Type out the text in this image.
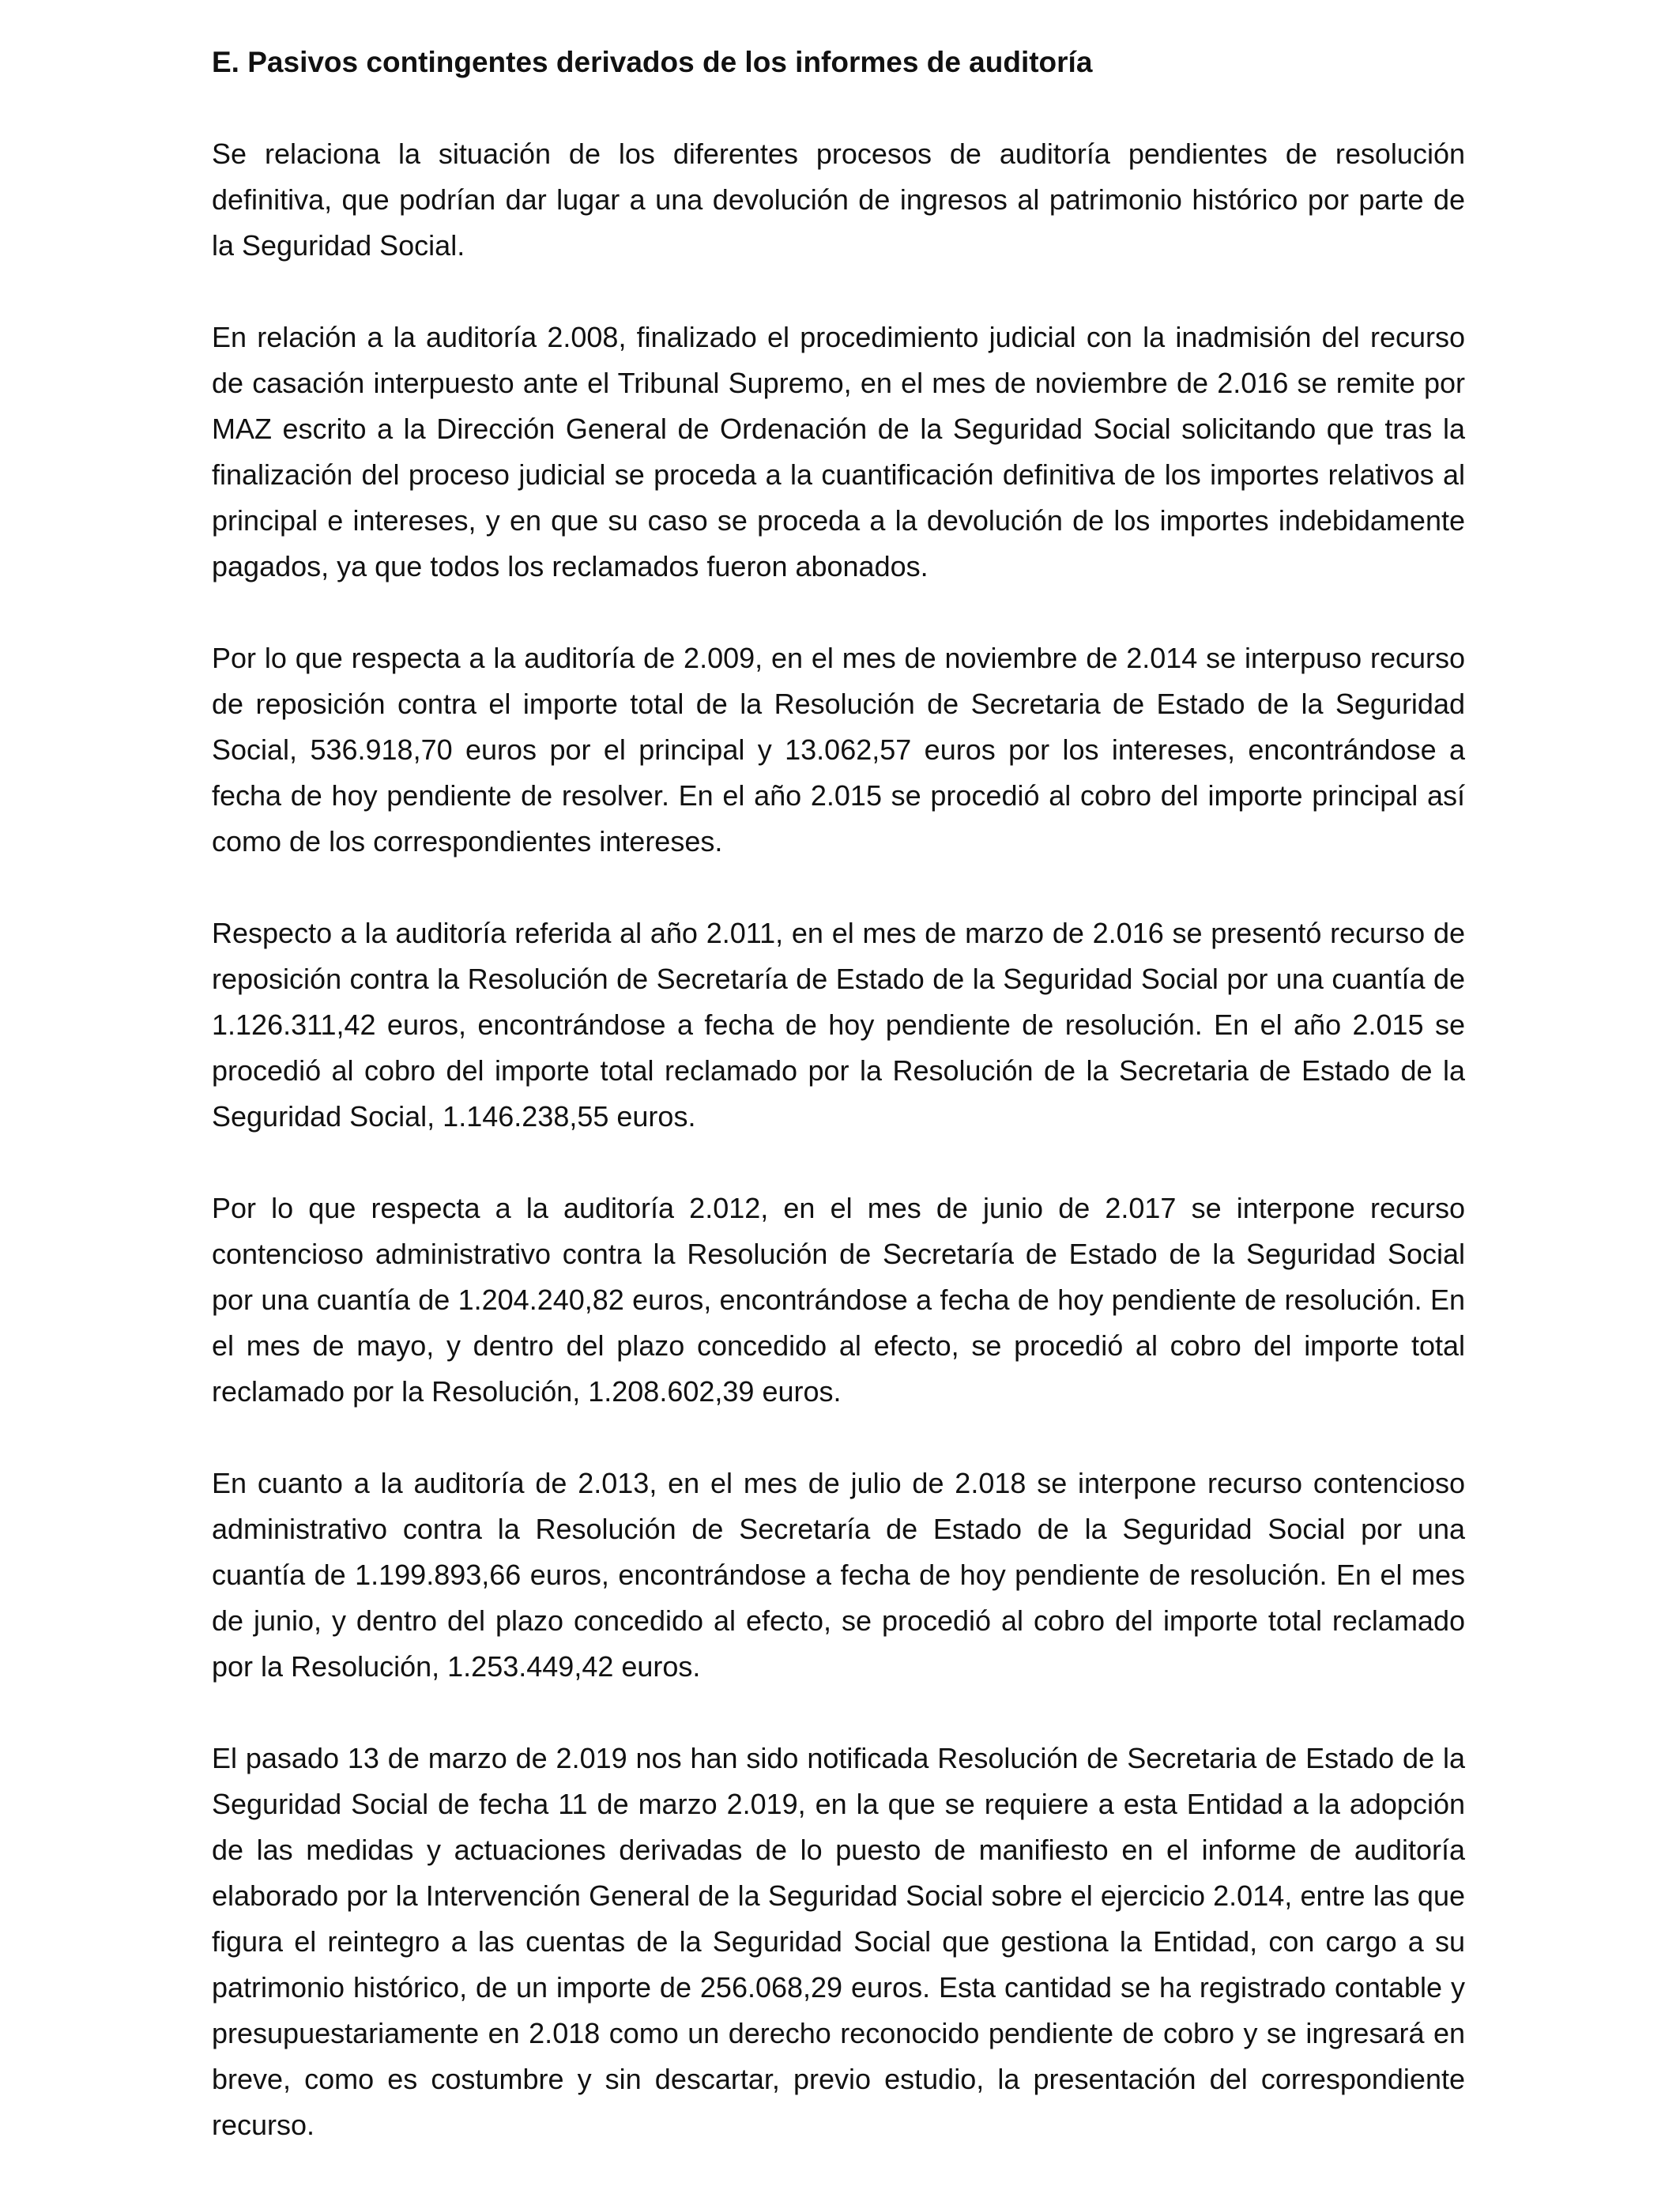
E. Pasivos contingentes derivados de los informes de auditoría

Se relaciona la situación de los diferentes procesos de auditoría pendientes de resolución definitiva, que podrían dar lugar a una devolución de ingresos al patrimonio histórico por parte de la Seguridad Social.

En relación a la auditoría 2.008, finalizado el procedimiento judicial con la inadmisión del recurso de casación interpuesto ante el Tribunal Supremo, en el mes de noviembre de 2.016 se remite por MAZ escrito a la Dirección General de Ordenación de la Seguridad Social solicitando que tras la finalización del proceso judicial se proceda a la cuantificación definitiva de los importes relativos al principal e intereses, y en que su caso se proceda a la devolución de los importes indebidamente pagados, ya que todos los reclamados fueron abonados.

Por lo que respecta a la auditoría de 2.009, en el mes de noviembre de 2.014 se interpuso recurso de reposición contra el importe total de la Resolución de Secretaria de Estado de la Seguridad Social, 536.918,70 euros por el principal y 13.062,57 euros por los intereses, encontrándose a fecha de hoy pendiente de resolver. En el año 2.015 se procedió al cobro del importe principal así como de los correspondientes intereses.

Respecto a la auditoría referida al año 2.011, en el mes de marzo de 2.016 se presentó recurso de reposición contra la Resolución de Secretaría de Estado de la Seguridad Social por una cuantía de 1.126.311,42 euros, encontrándose a fecha de hoy pendiente de resolución. En el año 2.015 se procedió al cobro del importe total reclamado por la Resolución de la Secretaria de Estado de la Seguridad Social, 1.146.238,55 euros.

Por lo que respecta a la auditoría 2.012, en el mes de junio de 2.017 se interpone recurso contencioso administrativo contra la Resolución de Secretaría de Estado de la Seguridad Social por una cuantía de 1.204.240,82 euros, encontrándose a fecha de hoy pendiente de resolución. En el mes de mayo, y dentro del plazo concedido al efecto, se procedió al cobro del importe total reclamado por la Resolución, 1.208.602,39 euros.

En cuanto a la auditoría de 2.013, en el mes de julio de 2.018 se interpone recurso contencioso administrativo contra la Resolución de Secretaría de Estado de la Seguridad Social por una cuantía de 1.199.893,66 euros, encontrándose a fecha de hoy pendiente de resolución. En el mes de junio, y dentro del plazo concedido al efecto, se procedió al cobro del importe total reclamado por la Resolución, 1.253.449,42 euros.

El pasado 13 de marzo de 2.019 nos han sido notificada Resolución de Secretaria de Estado de la Seguridad Social de fecha 11 de marzo 2.019, en la que se requiere a esta Entidad a la adopción de las medidas y actuaciones derivadas de lo puesto de manifiesto en el informe de auditoría elaborado por la Intervención General de la Seguridad Social sobre el ejercicio 2.014, entre las que figura el reintegro a las cuentas de la Seguridad Social que gestiona la Entidad, con cargo a su patrimonio histórico, de un importe de 256.068,29 euros. Esta cantidad se ha registrado contable y presupuestariamente en 2.018 como un derecho reconocido pendiente de cobro y se ingresará en breve, como es costumbre y sin descartar, previo estudio, la presentación del correspondiente recurso.
